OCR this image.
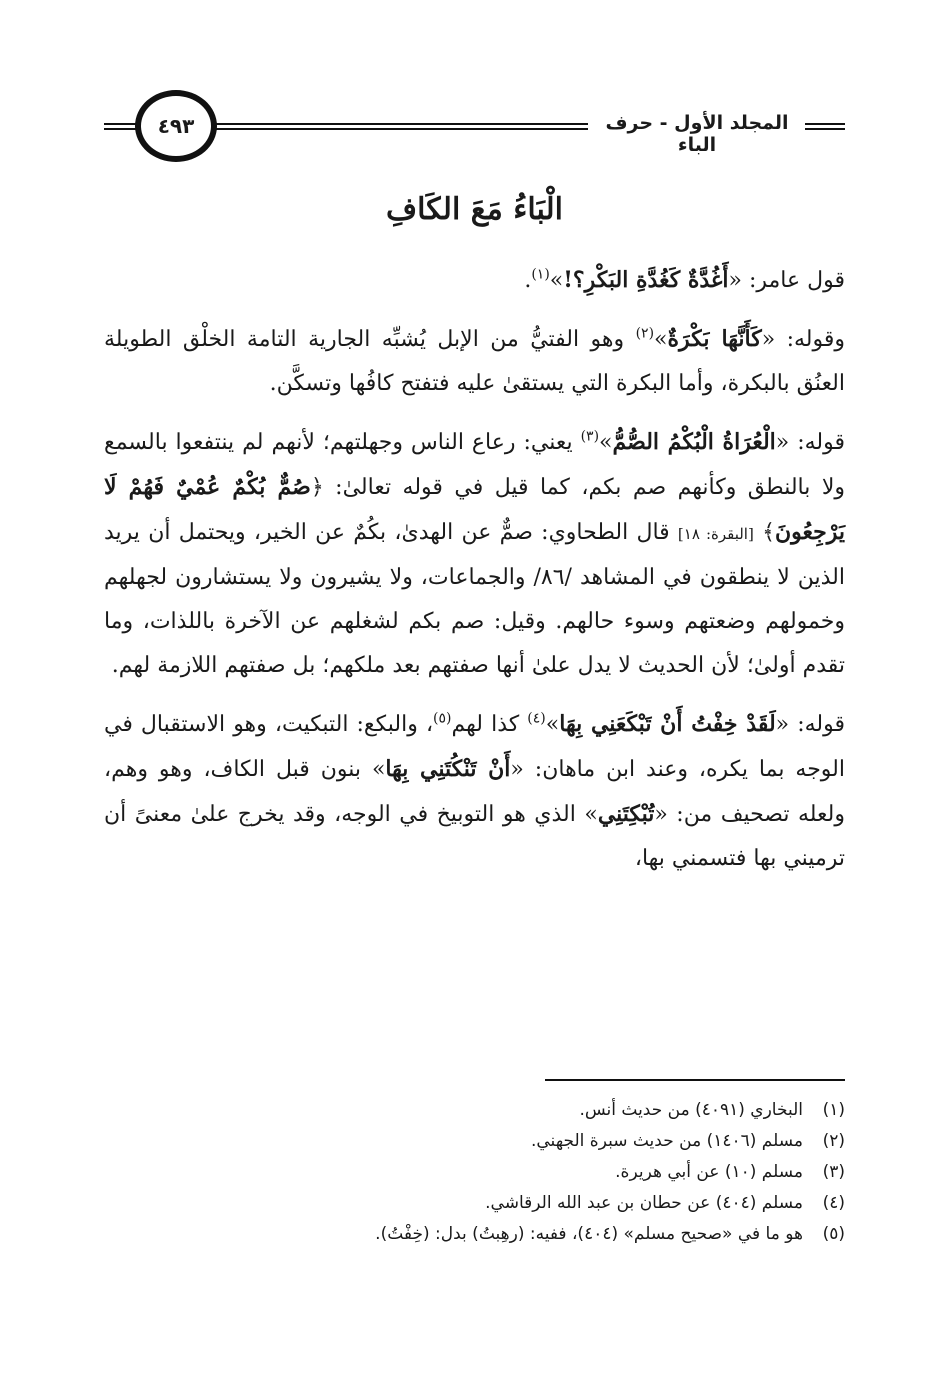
المجلد الأول - حرف الباء
٤٩٣
الْبَاءُ مَعَ الكَافِ

قول عامر: «أَغُدَّةٌ كَغُدَّةِ البَكْرِ؟!»$^{(١)}$.

وقوله: «كَأَنَّهَا بَكْرَةٌ»$^{(٢)}$ وهو الفتيُّ من الإبل يُشبِّه الجارية التامة الخلْق الطويلة العنُق بالبكرة، وأما البكرة التي يستقىٰ عليه فتفتح كافُها وتسكَّن.

قوله: «الْعُرَاةُ الْبُكْمُ الصُّمُّ»$^{(٣)}$ يعني: رعاع الناس وجهلتهم؛ لأنهم لم ينتفعوا بالسمع ولا بالنطق وكأنهم صم بكم، كما قيل في قوله تعالىٰ: ﴿صُمٌّ بُكْمٌ عُمْيٌ فَهُمْ لَا يَرْجِعُونَ﴾ [البقرة: ١٨] قال الطحاوي: صمٌّ عن الهدىٰ، بكُمٌ عن الخير، ويحتمل أن يريد الذين لا ينطقون في المشاهد /٨٦/ والجماعات، ولا يشيرون ولا يستشارون لجهلهم وخمولهم وضعتهم وسوء حالهم. وقيل: صم بكم لشغلهم عن الآخرة باللذات، وما تقدم أولىٰ؛ لأن الحديث لا يدل علىٰ أنها صفتهم بعد ملكهم؛ بل صفتهم اللازمة لهم.

قوله: «لَقَدْ خِفْتُ أَنْ تَبْكَعَنِي بِهَا»$^{(٤)}$ كذا لهم$^{(٥)}$، والبكع: التبكيت، وهو الاستقبال في الوجه بما يكره، وعند ابن ماهان: «أَنْ تَنْكُتَنِي بِهَا» بنون قبل الكاف، وهو وهم، ولعله تصحيف من: «تُبْكِتَنِي» الذي هو التوبيخ في الوجه، وقد يخرج علىٰ معنىً أن ترميني بها فتسمني بها،

(١)البخاري (٤٠٩١) من حديث أنس.
(٢)مسلم (١٤٠٦) من حديث سبرة الجهني.
(٣)مسلم (١٠) عن أبي هريرة.
(٤)مسلم (٤٠٤) عن حطان بن عبد الله الرقاشي.
(٥)هو ما في «صحيح مسلم» (٤٠٤)، ففيه: (رهِبتُ) بدل: (خِفْتُ).
